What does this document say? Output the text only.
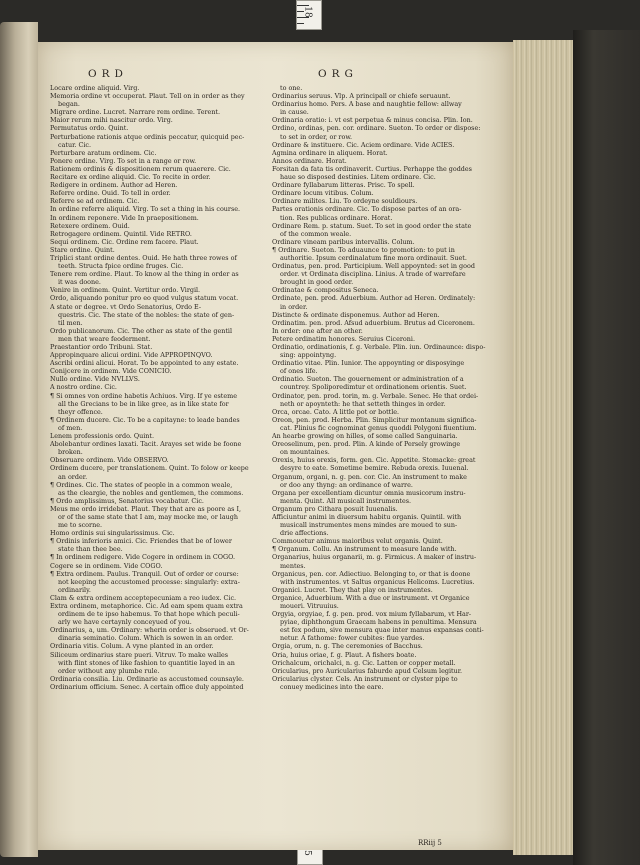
18
5
ORD	ORG
Locare ordine aliquid. Virg.
Memoria ordine vt occuperat. Plaut. Tell on in order as they
began.
Migrare ordine. Lucret. Narrare rem ordine. Terent.
Maior rerum mihi nascitur ordo. Virg.
Permutatus ordo. Quint.
Perturbatione rationis atque ordinis peccatur, quicquid pec-
catur. Cic.
Perturbare aratum ordinem. Cic.
Ponere ordine. Virg. To set in a range or row.
Rationem ordinis & dispositionem rerum quaerere. Cic.
Recitare ex ordine aliquid. Cic. To recite in order.
Redigere in ordinem. Author ad Heren.
Referre ordine. Ouid. To tell in order.
Referre se ad ordinem. Cic.
In ordine referre aliquid. Virg. To set a thing in his course.
In ordinem reponere. Vide In praepositionem.
Retexere ordinem. Ouid.
Retrogagere ordinem. Quintil. Vide RETRO.
Sequi ordinem. Cic. Ordine rem facere. Plaut.
Stare ordine. Quint.
Triplici stant ordine dentes. Ouid. He hath three rowes of
teeth. Structa fpice ordine fruges. Cic.
Tenere rem ordine. Plaut. To know al the thing in order as
it was doone.
Venire in ordinem. Quint. Vertitur ordo. Virgil.
Ordo, aliquando ponitur pro eo quod vulgus statum vocat.
A state or degree. vt Ordo Senatorius, Ordo E-
questris. Cic. The state of the nobles: the state of gen-
til men.
Ordo publicanorum. Cic. The other as state of the gentil
men that weare feoderment.
Praestantior ordo Tribuni. Stat.
Appropinquare alicui ordini. Vide APPROPINQVO.
Ascribi ordini alicui. Horat. To be appointed to any estate.
Conijcere in ordinem. Vide CONICIO.
Nullo ordine. Vide NVLLVS.
A nostro ordine. Cic.
¶ Si omnes von ordine habetis Achiuos. Virg. If ye esteme
all the Grecians to be in like gree, as in like state for
theyr offence.
¶ Ordinem ducere. Cic. To be a capitayne: to leade bandes
of men.
Lenem professionis ordo. Quint.
Abolebantur ordines laxati. Tacit. Arayes set wide be foone
broken.
Obseruare ordinem. Vide OBSERVO.
Ordinem ducere, per translationem. Quint. To folow or keepe
an order.
¶ Ordines. Cic. The states of people in a common weale,
as the cleargie, the nobles and gentlemen, the commons.
¶ Ordo amplissimus, Senatorius vocabatur. Cic.
Meus me ordo irridebat. Plaut. They that are as poore as I,
or of the same state that I am, may mocke me, or laugh
me to scorne.
Homo ordinis sui singularissimus. Cic.
¶ Ordinis inferioris amici. Cic. Friendes that be of lower
state than thee bee.
¶ In ordinem redigere. Vide Cogere in ordinem in COGO.
Cogere se in ordinem. Vide COGO.
¶ Extra ordinem. Paulus. Tranquil. Out of order or course:
not keeping the accustomed processe: singularly: extra-
ordinarily.
Clam & extra ordinem acceptepecuniam a reo iudex. Cic.
Extra ordinem, metaphorice. Cic. Ad eam spem quam extra
ordinem de te ipso habemus. To that hope which peculi-
arly we have certaynly conceyued of you.
Ordinarius, a, um. Ordinary: wherin order is obserued. vt Or-
dinaria seminatio. Colum. Which is sowen in an order.
Ordinaria vitis. Colum. A vyne planted in an order.
Siliceum ordinarius stare pueri. Vitruv. To make walles
with flint stones of like fashion to quantitie layed in an
order without any plumbe rule.
Ordinaria consilia. Liu. Ordinarie as accustomed counsayle.
Ordinarium officium. Senec. A certain office duly appointed
to one.
Ordinarius seruus. Vlp. A principall or chiefe seruaunt.
Ordinarius homo. Pers. A base and naughtie fellow: allway
in cause.
Ordinaria oratio: i. vt est perpetua & minus concisa. Plin. Ion.
Ordino, ordinas, pen. cor. ordinare. Sueton. To order or dispose:
to set in order, or row.
Ordinare & instituere. Cic. Aciem ordinare. Vide ACIES.
Agmina ordinare in aliquem. Horat.
Annos ordinare. Horat.
Forsitan da fata tis ordinaverit. Curtius. Perhappe the goddes
haue so disposed destinies. Litem ordinare. Cic.
Ordinare fyllabarum litteras. Prisc. To spell.
Ordinare locum vitibus. Colum.
Ordinare milites. Liu. To ordeyne souldiours.
Partes orationis ordinare. Cic. To dispose partes of an ora-
tion. Res publicas ordinare. Horat.
Ordinare Rem. p. statum. Suet. To set in good order the state
of the common weale.
Ordinare vineam paribus intervallis. Colum.
¶ Ordinare. Sueton. To aduaunce to promotion: to put in
authoritie. Ipsum cerdinalatum fine mora ordinauit. Suet.
Ordinatus, pen. prod. Participium. Well appoynted: set in good
order. vt Ordinata disciplina. Linius. A trade of warrefare
brought in good order.
Ordinatae & compositus Seneca.
Ordinate, pen. prod. Aduerbium. Author ad Heren. Ordinately:
in order.
Distincte & ordinate disponemus. Author ad Heren.
Ordinatim. pen. prod. Afsud aduerbium. Brutus ad Ciceronem.
In order: one after an other.
Petere ordinatim honores. Seruius Ciceroni.
Ordinatio, ordinationis, f. g. Verbale. Plin. iun. Ordinaunce: dispo-
sing: appointyng.
Ordinatio vitae. Plin. Iunior. The appoynting or disposyinge
of ones life.
Ordinatio. Sueton. The gouernement or administration of a
countrey. Spoliporedimtur et ordinationem orientis. Suet.
Ordinator, pen. prod. torin, m. g. Verbale. Senec. He that ordei-
neth or apoynteth: he that setteth thinges in order.
Orca, orcae. Cato. A little pot or bottle.
Oreon, pen. prod. Herba. Plin. Simplicitur montanum significa-
cat. Plinius fic cognominat genus quoddi Polygoni fiuentium.
An hearbe growing on hilles, of some called Sanguinaria.
Oreoselinum, pen. prod. Plin. A kinde of Persely growinge
on mountaines.
Orexis, huius orexis, form. gen. Cic. Appetite. Stomacke: great
desyre to eate. Sometime bemire. Rebuda orexis. Iuuenal.
Organum, organi, n. g. pen. cor. Cic. An instrument to make
or doo any thyng: an ordinance of warre.
Organa per excellentiam dicuntur omnia musicorum instru-
menta. Quint. All musicall instrumentes.
Organum pro Cithara posuit Iuuenalis.
Afficiuntur animi in diuersum habitu organis. Quintil. with
musicall instrumentes mens mindes are moued to sun-
drie affections.
Commouetur animus maioribus velut organis. Quint.
¶ Organum. Collu. An instrument to measure lande with.
Organarius, huius organarii, m. g. Firmicus. A maker of instru-
mentes.
Organicus, pen. cor. Adiectiuo. Belonging to, or that is doone
with instrumentes. vt Saltus organicus Helicoms. Lucretius.
Organici. Lucret. They that play on instrumentes.
Organice, Aduerbium. With a due or instrument. vt Organice
moueri. Vitruuius.
Orgyia, orgyiae, f. g. pen. prod. vox mium fyllabarum, vt Har-
pyiae, diphthongum Graecam habens in penultima. Mensura
est fex podum, sive mensura quae inter manus expansas conti-
netur. A fathome: fower cubites: fiue yardes.
Orgia, orum, n. g. The ceremonies of Bacchus.
Oria, huius oriae, f. g. Plaut. A fishers boate.
Orichalcum, orichalci, n. g. Cic. Latten or copper metall.
Oricularius, pro Auricularius faburde apud Celsum legitur.
Oricularius clyster. Cels. An instrument or clyster pipe to
conuey medicines into the eare.
RRiij 5
